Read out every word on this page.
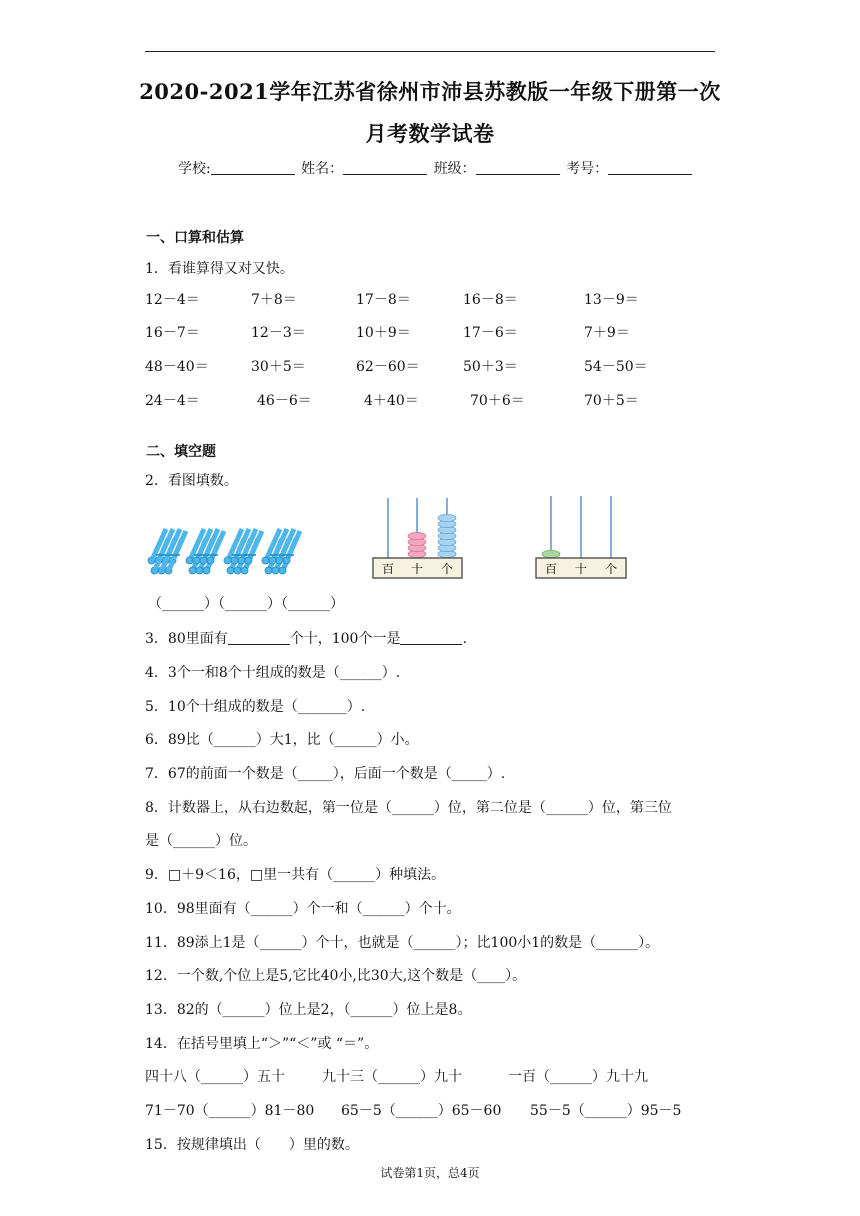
2020-2021学年江苏省徐州市沛县苏教版一年级下册第一次
月考数学试卷
学校:	姓名：	班级：	考号：
一、口算和估算
1．看谁算得又对又快。
12－4＝	7＋8＝	17－8＝	16－8＝	13－9＝
16－7＝	12－3＝	10＋9＝	17－6＝	7＋9＝
48－40＝	30＋5＝	62－60＝	50＋3＝	54－50＝
24－4＝	46－6＝	4＋40＝	70＋6＝	70＋5＝
二、填空题
2．看图填数。
百 十 个	百 十 个
（______）（______）（______）
3．80里面有	个十，100个一是	.
4．3个一和8个十组成的数是（______）.
5．10个十组成的数是（_______）.
6．89比（______）大1，比（______）小。
7．67的前面一个数是（_____），后面一个数是（_____）.
8．计数器上，从右边数起，第一位是（______）位，第二位是（______）位，第三位
是（______）位。
9．□＋9＜16，□里一共有（______）种填法。
10．98里面有（______）个一和（______）个十。
11．89添上1是（______）个十，也就是（______）；比100小1的数是（______）。
12．一个数,个位上是5,它比40小,比30大,这个数是（____）。
13．82的（______）位上是2，（______）位上是8。
14．在括号里填上“＞”“＜”或 “＝”。
四十八（______）五十	九十三（______）九十	一百（______）九十九
71－70（______）81－80 65－5（______）65－60 55－5（______）95－5
15．按规律填出（　　）里的数。
试卷第1页，总4页
